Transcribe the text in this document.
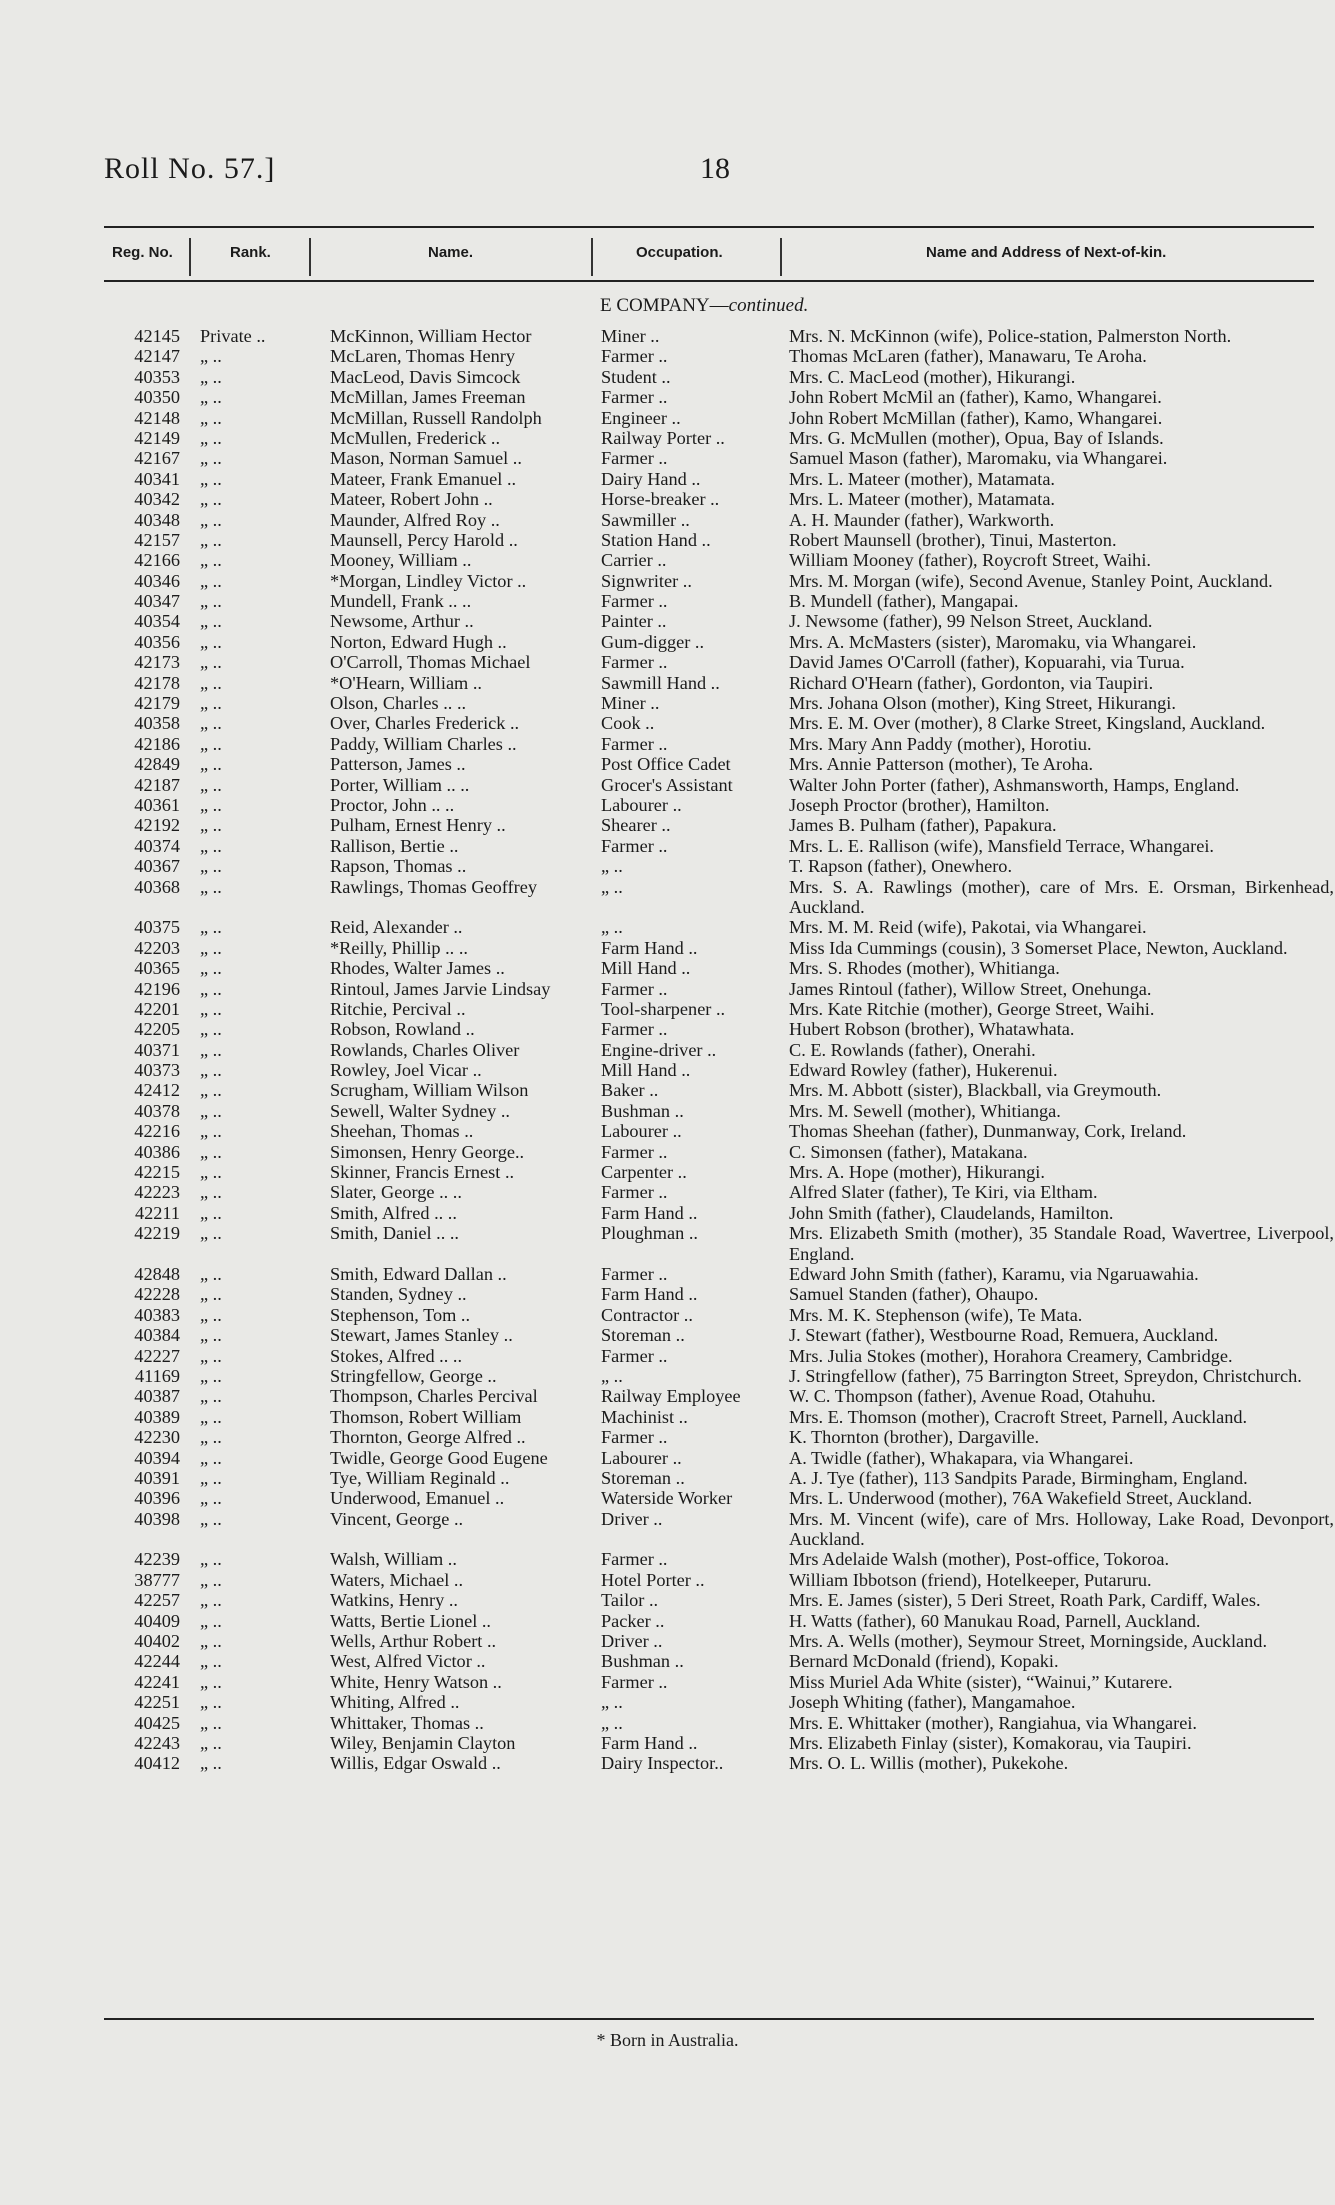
Roll No. 57.]	18
Reg. No.	Rank.	Name.	Occupation.	Name and Address of Next-of-kin.
E COMPANY—continued.
42145 Private ..	McKinnon, William Hector	Miner ..	Mrs. N. McKinnon (wife), Police-station, Palmerston North.
42147 „ ..	McLaren, Thomas Henry	Farmer ..	Thomas McLaren (father), Manawaru, Te Aroha.
40353 „ ..	MacLeod, Davis Simcock	Student ..	Mrs. C. MacLeod (mother), Hikurangi.
40350 „ ..	McMillan, James Freeman	Farmer ..	John Robert McMil an (father), Kamo, Whangarei.
42148 „ ..	McMillan, Russell Randolph	Engineer ..	John Robert McMillan (father), Kamo, Whangarei.
42149 „ ..	McMullen, Frederick ..	Railway Porter ..	Mrs. G. McMullen (mother), Opua, Bay of Islands.
42167 „ ..	Mason, Norman Samuel ..	Farmer ..	Samuel Mason (father), Maromaku, via Whangarei.
40341 „ ..	Mateer, Frank Emanuel ..	Dairy Hand ..	Mrs. L. Mateer (mother), Matamata.
40342 „ ..	Mateer, Robert John ..	Horse-breaker ..	Mrs. L. Mateer (mother), Matamata.
40348 „ ..	Maunder, Alfred Roy ..	Sawmiller ..	A. H. Maunder (father), Warkworth.
42157 „ ..	Maunsell, Percy Harold ..	Station Hand ..	Robert Maunsell (brother), Tinui, Masterton.
42166 „ ..	Mooney, William ..	Carrier ..	William Mooney (father), Roycroft Street, Waihi.
40346 „ ..	*Morgan, Lindley Victor ..	Signwriter ..	Mrs. M. Morgan (wife), Second Avenue, Stanley Point, Auckland.
40347 „ ..	Mundell, Frank .. ..	Farmer ..	B. Mundell (father), Mangapai.
40354 „ ..	Newsome, Arthur ..	Painter ..	J. Newsome (father), 99 Nelson Street, Auckland.
40356 „ ..	Norton, Edward Hugh ..	Gum-digger ..	Mrs. A. McMasters (sister), Maromaku, via Whangarei.
42173 „ ..	O'Carroll, Thomas Michael	Farmer ..	David James O'Carroll (father), Kopuarahi, via Turua.
42178 „ ..	*O'Hearn, William ..	Sawmill Hand ..	Richard O'Hearn (father), Gordonton, via Taupiri.
42179 „ ..	Olson, Charles .. ..	Miner ..	Mrs. Johana Olson (mother), King Street, Hikurangi.
40358 „ ..	Over, Charles Frederick ..	Cook ..	Mrs. E. M. Over (mother), 8 Clarke Street, Kingsland, Auckland.
42186 „ ..	Paddy, William Charles ..	Farmer ..	Mrs. Mary Ann Paddy (mother), Horotiu.
42849 „ ..	Patterson, James ..	Post Office Cadet	Mrs. Annie Patterson (mother), Te Aroha.
42187 „ ..	Porter, William .. ..	Grocer's Assistant	Walter John Porter (father), Ashmansworth, Hamps, England.
40361 „ ..	Proctor, John .. ..	Labourer ..	Joseph Proctor (brother), Hamilton.
42192 „ ..	Pulham, Ernest Henry ..	Shearer ..	James B. Pulham (father), Papakura.
40374 „ ..	Rallison, Bertie ..	Farmer ..	Mrs. L. E. Rallison (wife), Mansfield Terrace, Whangarei.
40367 „ ..	Rapson, Thomas ..	„ ..	T. Rapson (father), Onewhero.
40368 „ ..	Rawlings, Thomas Geoffrey	„ ..	Mrs. S. A. Rawlings (mother), care of Mrs. E. Orsman, Birkenhead, Auckland.
40375 „ ..	Reid, Alexander ..	„ ..	Mrs. M. M. Reid (wife), Pakotai, via Whangarei.
42203 „ ..	*Reilly, Phillip .. ..	Farm Hand ..	Miss Ida Cummings (cousin), 3 Somerset Place, Newton, Auckland.
40365 „ ..	Rhodes, Walter James ..	Mill Hand ..	Mrs. S. Rhodes (mother), Whitianga.
42196 „ ..	Rintoul, James Jarvie Lindsay	Farmer ..	James Rintoul (father), Willow Street, Onehunga.
42201 „ ..	Ritchie, Percival ..	Tool-sharpener ..	Mrs. Kate Ritchie (mother), George Street, Waihi.
42205 „ ..	Robson, Rowland ..	Farmer ..	Hubert Robson (brother), Whatawhata.
40371 „ ..	Rowlands, Charles Oliver	Engine-driver ..	C. E. Rowlands (father), Onerahi.
40373 „ ..	Rowley, Joel Vicar ..	Mill Hand ..	Edward Rowley (father), Hukerenui.
42412 „ ..	Scrugham, William Wilson	Baker ..	Mrs. M. Abbott (sister), Blackball, via Greymouth.
40378 „ ..	Sewell, Walter Sydney ..	Bushman ..	Mrs. M. Sewell (mother), Whitianga.
42216 „ ..	Sheehan, Thomas ..	Labourer ..	Thomas Sheehan (father), Dunmanway, Cork, Ireland.
40386 „ ..	Simonsen, Henry George..	Farmer ..	C. Simonsen (father), Matakana.
42215 „ ..	Skinner, Francis Ernest ..	Carpenter ..	Mrs. A. Hope (mother), Hikurangi.
42223 „ ..	Slater, George .. ..	Farmer ..	Alfred Slater (father), Te Kiri, via Eltham.
42211 „ ..	Smith, Alfred .. ..	Farm Hand ..	John Smith (father), Claudelands, Hamilton.
42219 „ ..	Smith, Daniel .. ..	Ploughman ..	Mrs. Elizabeth Smith (mother), 35 Standale Road, Wavertree, Liverpool, England.
42848 „ ..	Smith, Edward Dallan ..	Farmer ..	Edward John Smith (father), Karamu, via Ngaruawahia.
42228 „ ..	Standen, Sydney ..	Farm Hand ..	Samuel Standen (father), Ohaupo.
40383 „ ..	Stephenson, Tom ..	Contractor ..	Mrs. M. K. Stephenson (wife), Te Mata.
40384 „ ..	Stewart, James Stanley ..	Storeman ..	J. Stewart (father), Westbourne Road, Remuera, Auckland.
42227 „ ..	Stokes, Alfred .. ..	Farmer ..	Mrs. Julia Stokes (mother), Horahora Creamery, Cambridge.
41169 „ ..	Stringfellow, George ..	„ ..	J. Stringfellow (father), 75 Barrington Street, Spreydon, Christchurch.
40387 „ ..	Thompson, Charles Percival	Railway Employee	W. C. Thompson (father), Avenue Road, Otahuhu.
40389 „ ..	Thomson, Robert William	Machinist ..	Mrs. E. Thomson (mother), Cracroft Street, Parnell, Auckland.
42230 „ ..	Thornton, George Alfred ..	Farmer ..	K. Thornton (brother), Dargaville.
40394 „ ..	Twidle, George Good Eugene	Labourer ..	A. Twidle (father), Whakapara, via Whangarei.
40391 „ ..	Tye, William Reginald ..	Storeman ..	A. J. Tye (father), 113 Sandpits Parade, Birmingham, England.
40396 „ ..	Underwood, Emanuel ..	Waterside Worker	Mrs. L. Underwood (mother), 76A Wakefield Street, Auckland.
40398 „ ..	Vincent, George ..	Driver ..	Mrs. M. Vincent (wife), care of Mrs. Holloway, Lake Road, Devonport, Auckland.
42239 „ ..	Walsh, William ..	Farmer ..	Mrs Adelaide Walsh (mother), Post-office, Tokoroa.
38777 „ ..	Waters, Michael ..	Hotel Porter ..	William Ibbotson (friend), Hotelkeeper, Putaruru.
42257 „ ..	Watkins, Henry ..	Tailor ..	Mrs. E. James (sister), 5 Deri Street, Roath Park, Cardiff, Wales.
40409 „ ..	Watts, Bertie Lionel ..	Packer ..	H. Watts (father), 60 Manukau Road, Parnell, Auckland.
40402 „ ..	Wells, Arthur Robert ..	Driver ..	Mrs. A. Wells (mother), Seymour Street, Morningside, Auckland.
42244 „ ..	West, Alfred Victor ..	Bushman ..	Bernard McDonald (friend), Kopaki.
42241 „ ..	White, Henry Watson ..	Farmer ..	Miss Muriel Ada White (sister), “Wainui,” Kutarere.
42251 „ ..	Whiting, Alfred ..	„ ..	Joseph Whiting (father), Mangamahoe.
40425 „ ..	Whittaker, Thomas ..	„ ..	Mrs. E. Whittaker (mother), Rangiahua, via Whangarei.
42243 „ ..	Wiley, Benjamin Clayton	Farm Hand ..	Mrs. Elizabeth Finlay (sister), Komakorau, via Taupiri.
40412 „ ..	Willis, Edgar Oswald ..	Dairy Inspector..	Mrs. O. L. Willis (mother), Pukekohe.
* Born in Australia.
